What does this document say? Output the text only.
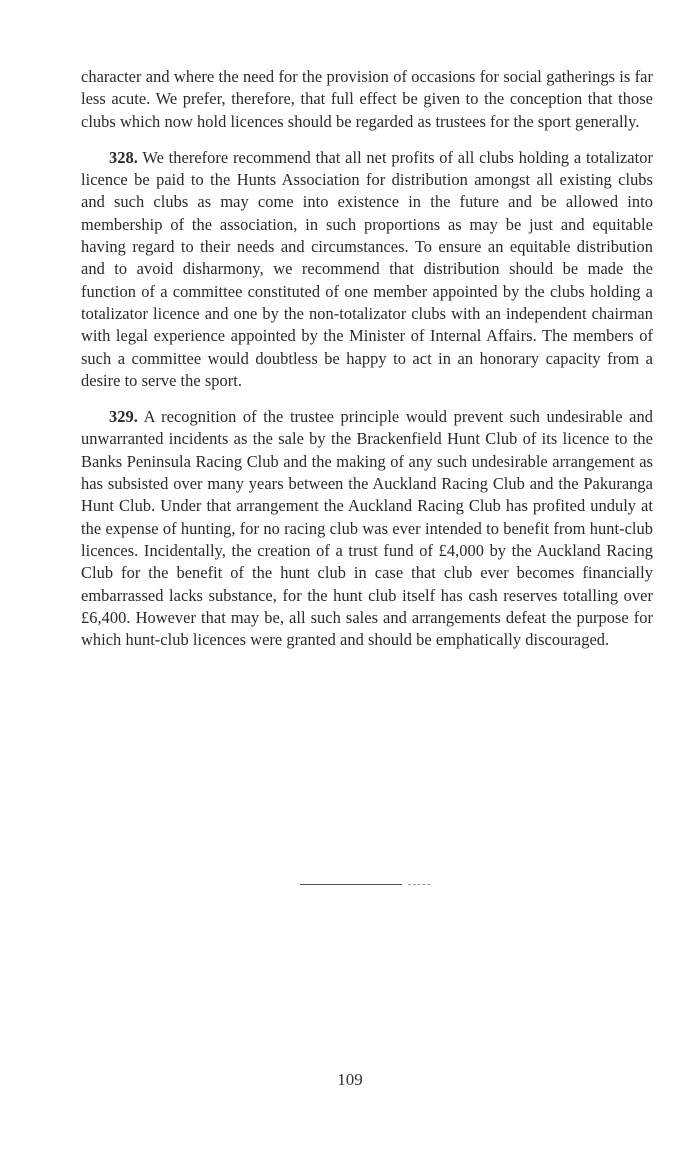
character and where the need for the provision of occasions for social gatherings is far less acute. We prefer, therefore, that full effect be given to the conception that those clubs which now hold licences should be regarded as trustees for the sport generally.

328. We therefore recommend that all net profits of all clubs holding a totalizator licence be paid to the Hunts Association for distribution amongst all existing clubs and such clubs as may come into existence in the future and be allowed into membership of the association, in such proportions as may be just and equitable having regard to their needs and circumstances. To ensure an equitable distribution and to avoid disharmony, we recommend that distribution should be made the function of a committee constituted of one member appointed by the clubs holding a totalizator licence and one by the non-totalizator clubs with an independent chairman with legal experience appointed by the Minister of Internal Affairs. The members of such a committee would doubtless be happy to act in an honorary capacity from a desire to serve the sport.

329. A recognition of the trustee principle would prevent such undesirable and unwarranted incidents as the sale by the Brackenfield Hunt Club of its licence to the Banks Peninsula Racing Club and the making of any such undesirable arrangement as has subsisted over many years between the Auckland Racing Club and the Pakuranga Hunt Club. Under that arrangement the Auckland Racing Club has profited unduly at the expense of hunting, for no racing club was ever intended to benefit from hunt-club licences. Incidentally, the creation of a trust fund of £4,000 by the Auckland Racing Club for the benefit of the hunt club in case that club ever becomes financially embarrassed lacks substance, for the hunt club itself has cash reserves totalling over £6,400. However that may be, all such sales and arrangements defeat the purpose for which hunt-club licences were granted and should be emphatically discouraged.

109
